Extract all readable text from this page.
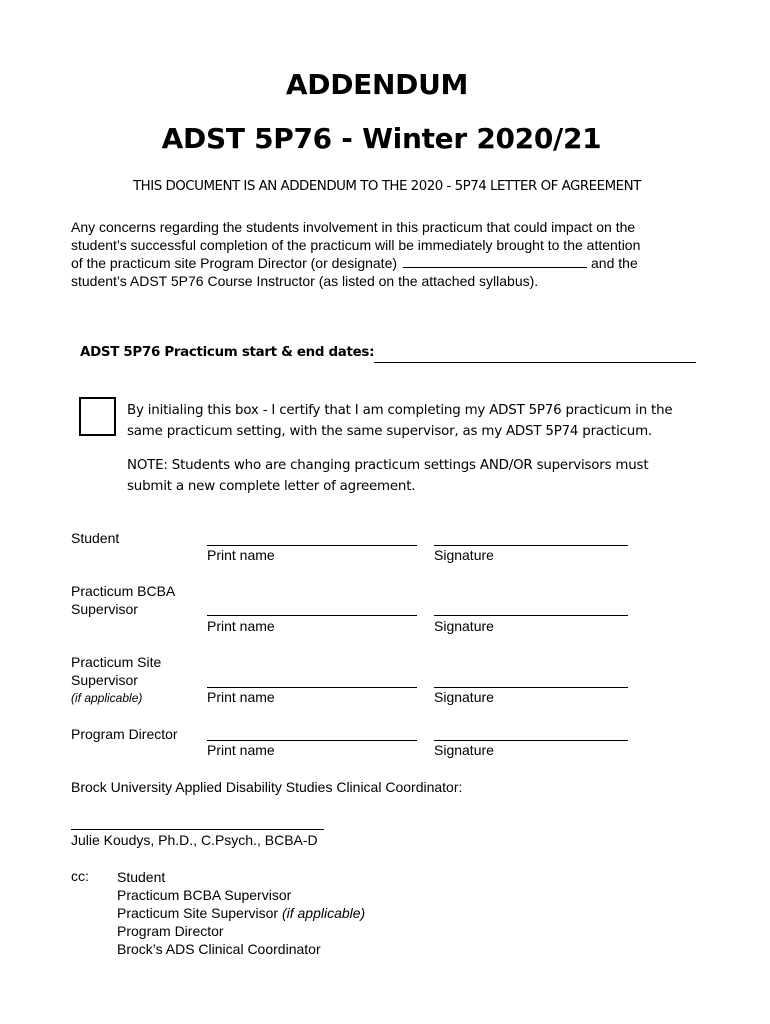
ADDENDUM
ADST 5P76 - Winter 2020/21
THIS DOCUMENT IS AN ADDENDUM TO THE 2020 - 5P74 LETTER OF AGREEMENT
Any concerns regarding the students involvement in this practicum that could impact on the
student’s successful completion of the practicum will be immediately brought to the attention
of the practicum site Program Director (or designate)	and the
student’s ADST 5P76 Course Instructor (as listed on the attached syllabus).
ADST 5P76 Practicum start & end dates:
By initialing this box - I certify that I am completing my ADST 5P76 practicum in the
same practicum setting, with the same supervisor, as my ADST 5P74 practicum.
NOTE: Students who are changing practicum settings AND/OR supervisors must
submit a new complete letter of agreement.
Student
Print name	Signature
Practicum BCBA
Supervisor
Print name	Signature
Practicum Site
Supervisor
(if applicable)	Print name	Signature
Program Director
Print name	Signature
Brock University Applied Disability Studies Clinical Coordinator:
Julie Koudys, Ph.D., C.Psych., BCBA-D
cc: Student
Practicum BCBA Supervisor
Practicum Site Supervisor (if applicable)
Program Director
Brock’s ADS Clinical Coordinator
